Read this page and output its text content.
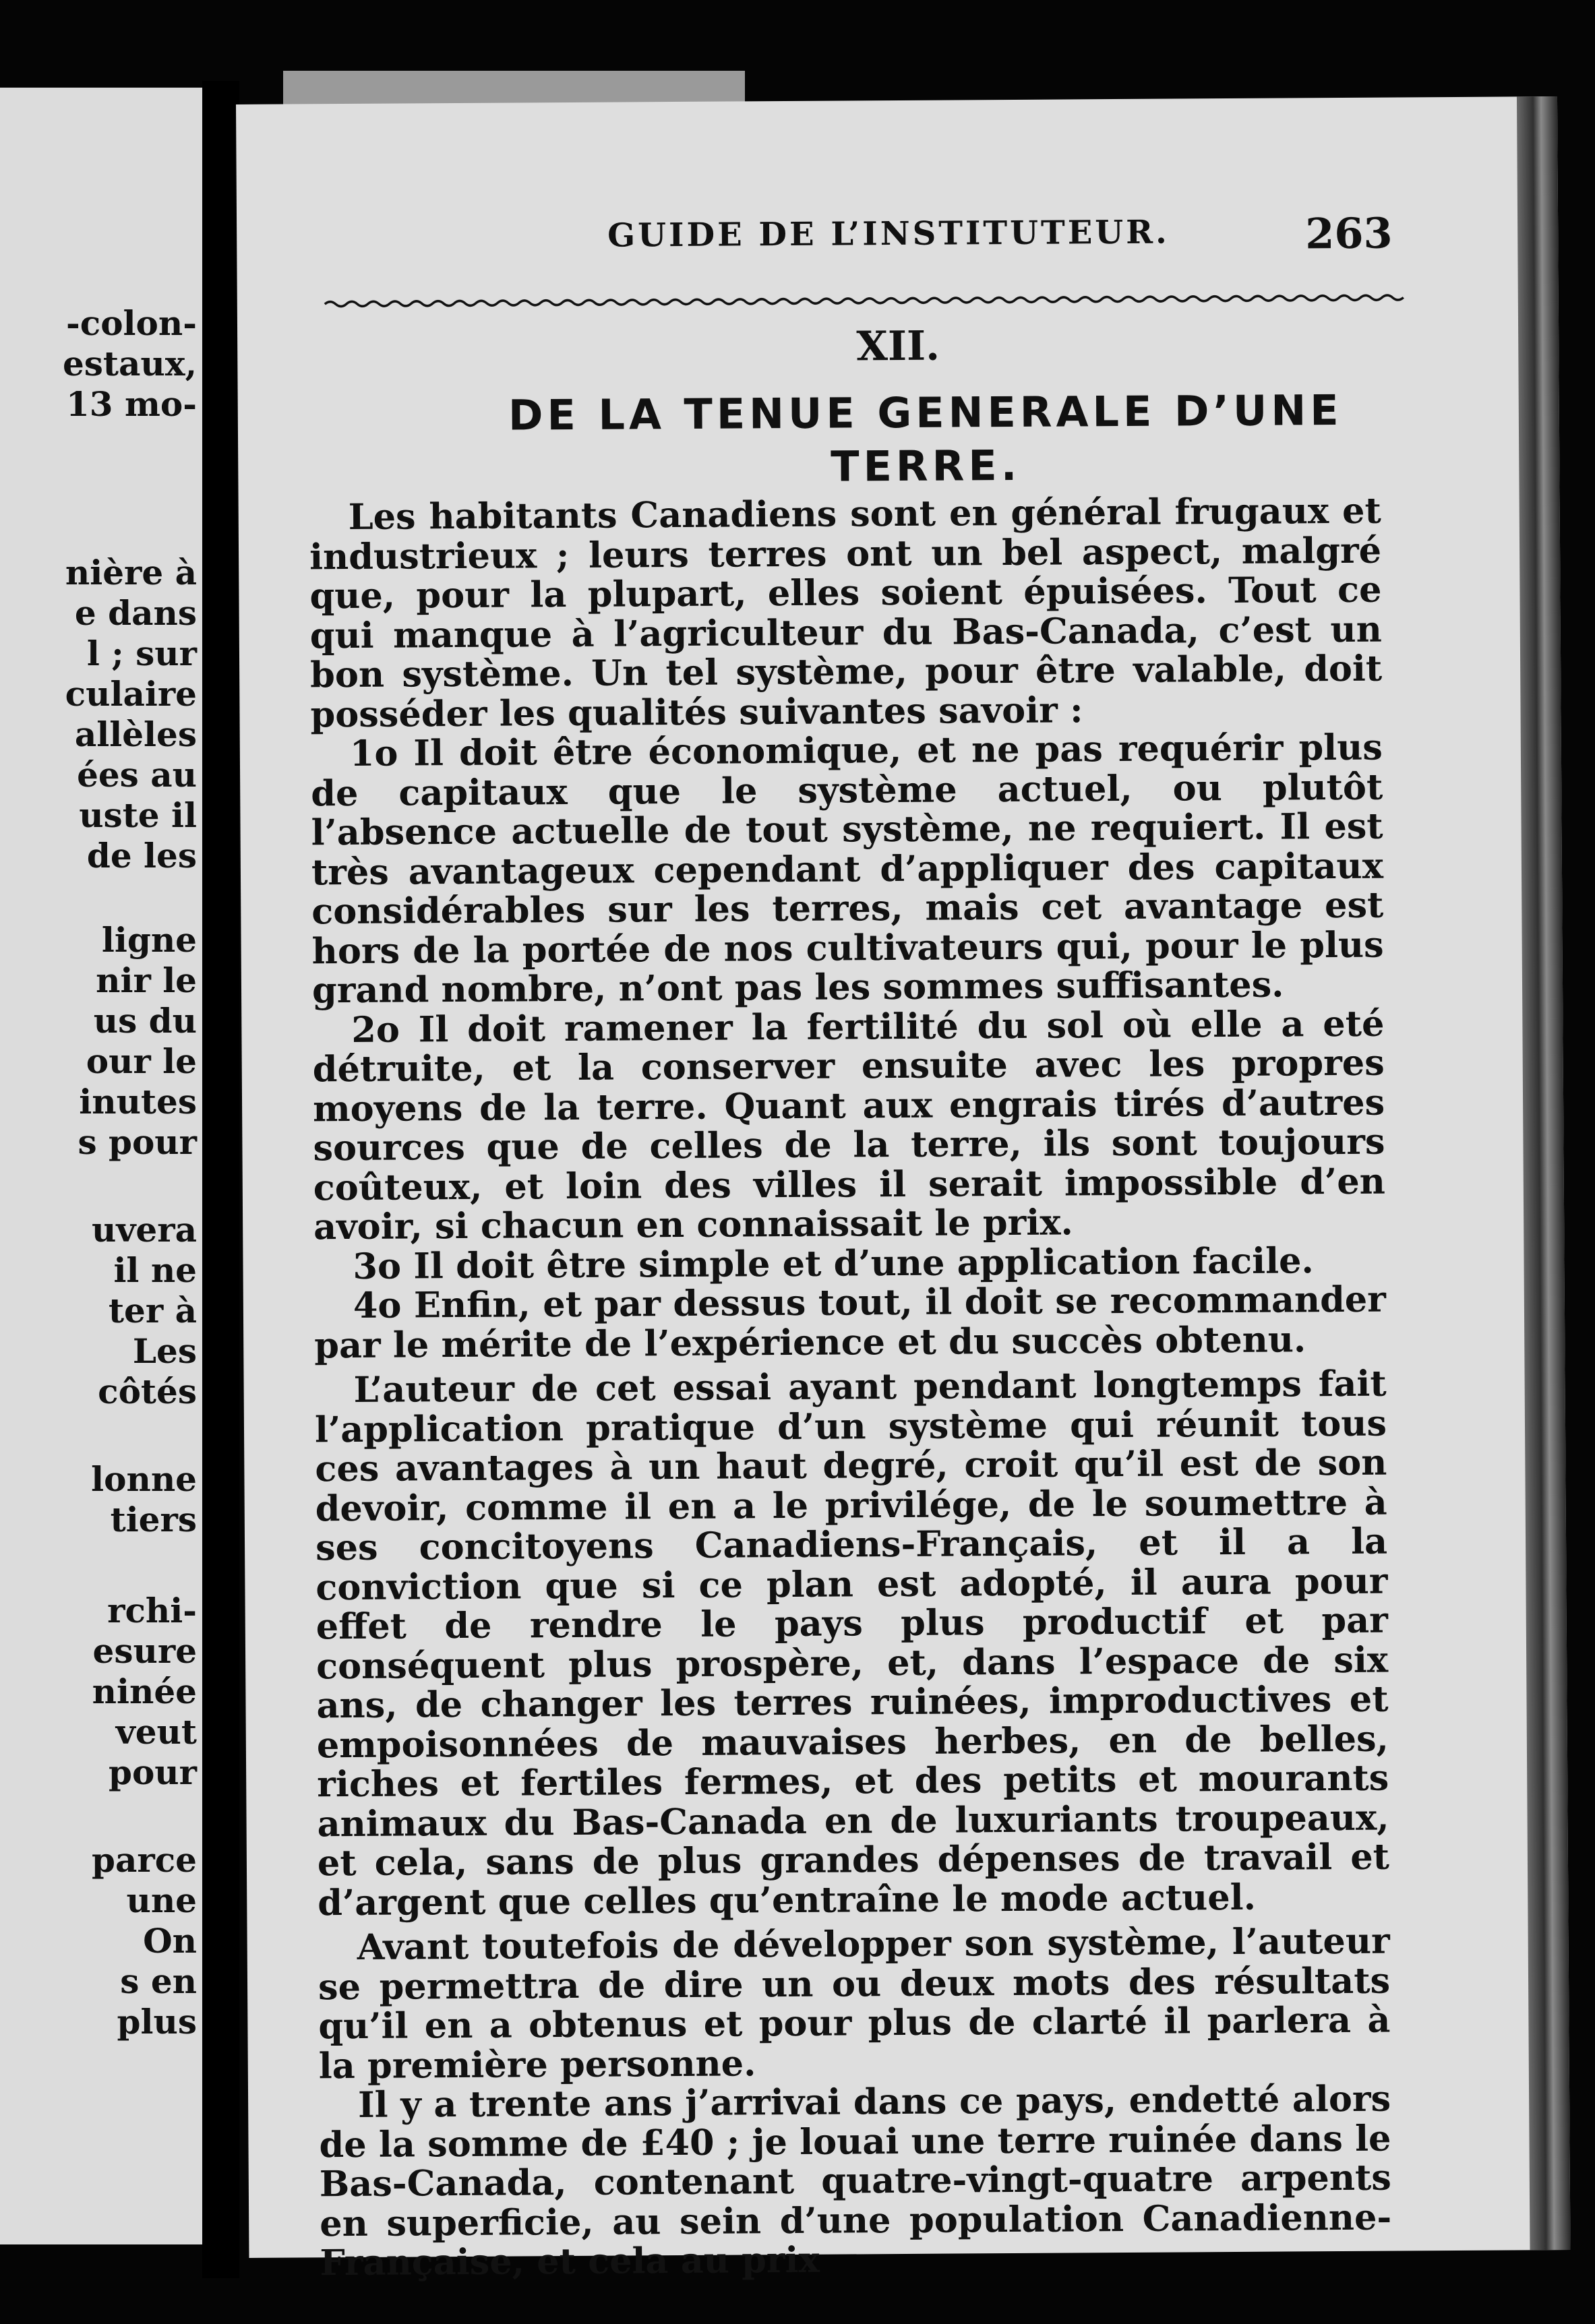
-colon-
estaux,
13 mo-
nière à
e dans
l ; sur
culaire
allèles
ées au
uste il
de les
ligne
nir le
us du
our le
inutes
s pour
uvera
il ne
ter à
Les
côtés
lonne
tiers
rchi-
esure
ninée
veut
pour
parce
une
On
s en
plus
GUIDE DE L’INSTITUTEUR.	263
XII.
DE LA TENUE GENERALE D’UNE TERRE.

Les habitants Canadiens sont en général frugaux et industrieux ; leurs terres ont un bel aspect, malgré que, pour la plupart, elles soient épuisées. Tout ce qui manque à l’agriculteur du Bas-Canada, c’est un bon système. Un tel système, pour être valable, doit posséder les qualités suivantes savoir :

1o Il doit être économique, et ne pas requérir plus de capitaux que le système actuel, ou plutôt l’absence actuelle de tout système, ne requiert. Il est très avantageux cependant d’appliquer des capitaux considérables sur les terres, mais cet avantage est hors de la portée de nos cultivateurs qui, pour le plus grand nombre, n’ont pas les sommes suffisantes.

2o Il doit ramener la fertilité du sol où elle a eté détruite, et la conserver ensuite avec les propres moyens de la terre. Quant aux engrais tirés d’autres sources que de celles de la terre, ils sont toujours coûteux, et loin des villes il serait impossible d’en avoir, si chacun en connaissait le prix.

3o Il doit être simple et d’une application facile.

4o Enfin, et par dessus tout, il doit se recommander par le mérite de l’expérience et du succès obtenu.

L’auteur de cet essai ayant pendant longtemps fait l’application pratique d’un système qui réunit tous ces avantages à un haut degré, croit qu’il est de son devoir, comme il en a le privilége, de le soumettre à ses concitoyens Canadiens-Français, et il a la conviction que si ce plan est adopté, il aura pour effet de rendre le pays plus productif et par conséquent plus prospère, et, dans l’espace de six ans, de changer les terres ruinées, improductives et empoisonnées de mauvaises herbes, en de belles, riches et fertiles fermes, et des petits et mourants animaux du Bas-Canada en de luxuriants troupeaux, et cela, sans de plus grandes dépenses de travail et d’argent que celles qu’entraîne le mode actuel.

Avant toutefois de développer son système, l’auteur se permettra de dire un ou deux mots des résultats qu’il en a obtenus et pour plus de clarté il parlera à la première personne.

Il y a trente ans j’arrivai dans ce pays, endetté alors de la somme de £40 ; je louai une terre ruinée dans le Bas-Canada, contenant quatre-vingt-quatre arpents en superficie, au sein d’une population Canadienne-Française, et cela au prix
